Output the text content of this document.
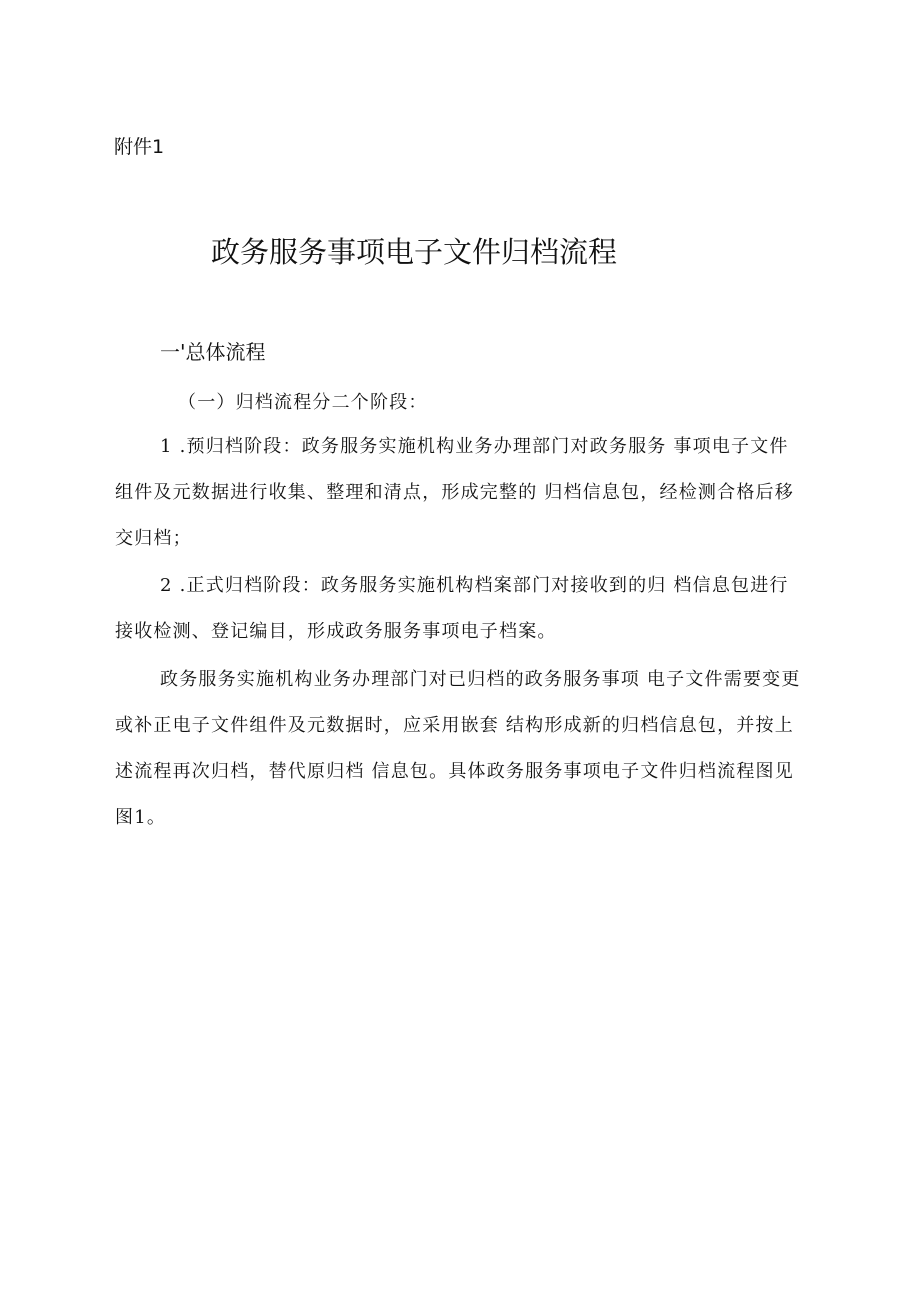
附件1
政务服务事项电子文件归档流程
一'总体流程
（一）归档流程分二个阶段：
1 .预归档阶段：政务服务实施机构业务办理部门对政务服务 事项电子文件
组件及元数据进行收集、整理和清点，形成完整的 归档信息包，经检测合格后移
交归档；
2 .正式归档阶段：政务服务实施机构档案部门对接收到的归 档信息包进行
接收检测、登记编目，形成政务服务事项电子档案。
政务服务实施机构业务办理部门对已归档的政务服务事项 电子文件需要变更
或补正电子文件组件及元数据时，应采用嵌套 结构形成新的归档信息包，并按上
述流程再次归档，替代原归档 信息包。具体政务服务事项电子文件归档流程图见
图1。
